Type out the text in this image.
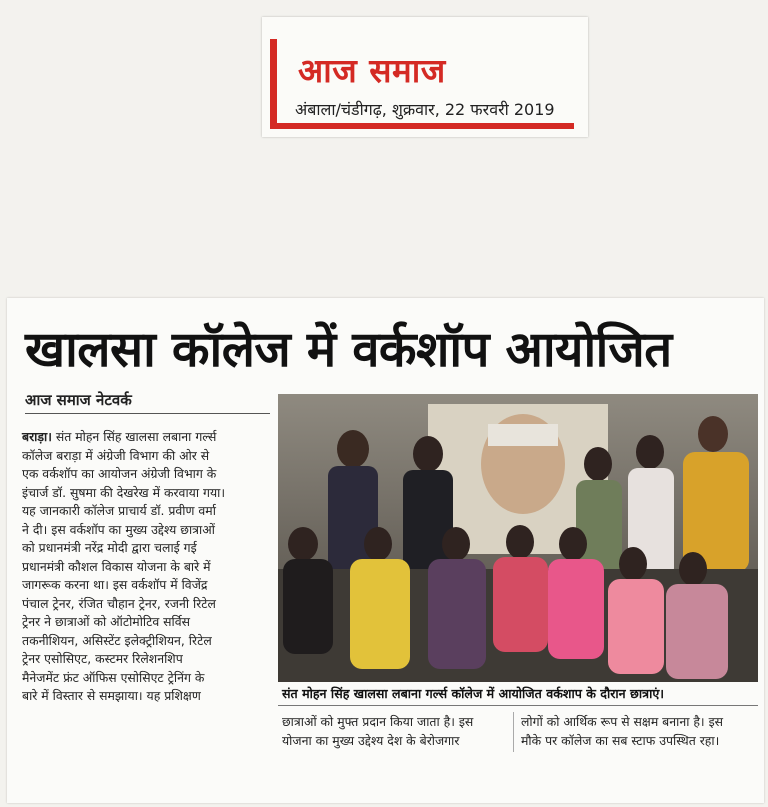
आज समाज
अंबाला/चंडीगढ़, शुक्रवार, 22 फरवरी 2019
खालसा कॉलेज में वर्कशॉप आयोजित
आज समाज नेटवर्क
बराड़ा। संत मोहन सिंह खालसा लबाना गर्ल्स
कॉलेज बराड़ा में अंग्रेजी विभाग की ओर से
एक वर्कशॉप का आयोजन अंग्रेजी विभाग के
इंचार्ज डॉ. सुषमा की देखरेख में करवाया गया।
यह जानकारी कॉलेज प्राचार्य डॉ. प्रवीण वर्मा
ने दी। इस वर्कशॉप का मुख्य उद्देश्य छात्राओं
को प्रधानमंत्री नरेंद्र मोदी द्वारा चलाई गई
प्रधानमंत्री कौशल विकास योजना के बारे में
जागरूक करना था। इस वर्कशॉप में विजेंद्र
पंचाल ट्रेनर, रंजित चौहान ट्रेनर, रजनी रिटेल
ट्रेनर ने छात्राओं को ऑटोमोटिव सर्विस
तकनीशियन, असिस्टेंट इलेक्ट्रीशियन, रिटेल
ट्रेनर एसोसिएट, कस्टमर रिलेशनशिप
मैनेजमेंट फ्रंट ऑफिस एसोसिएट ट्रेनिंग के
बारे में विस्तार से समझाया। यह प्रशिक्षण	संत मोहन सिंह खालसा लबाना गर्ल्स कॉलेज में आयोजित वर्कशाप के दौरान छात्राएं।
छात्राओं को मुफ्त प्रदान किया जाता है। इस
योजना का मुख्य उद्देश्य देश के बेरोजगार
लोगों को आर्थिक रूप से सक्षम बनाना है। इस
मौके पर कॉलेज का सब स्टाफ उपस्थित रहा।
